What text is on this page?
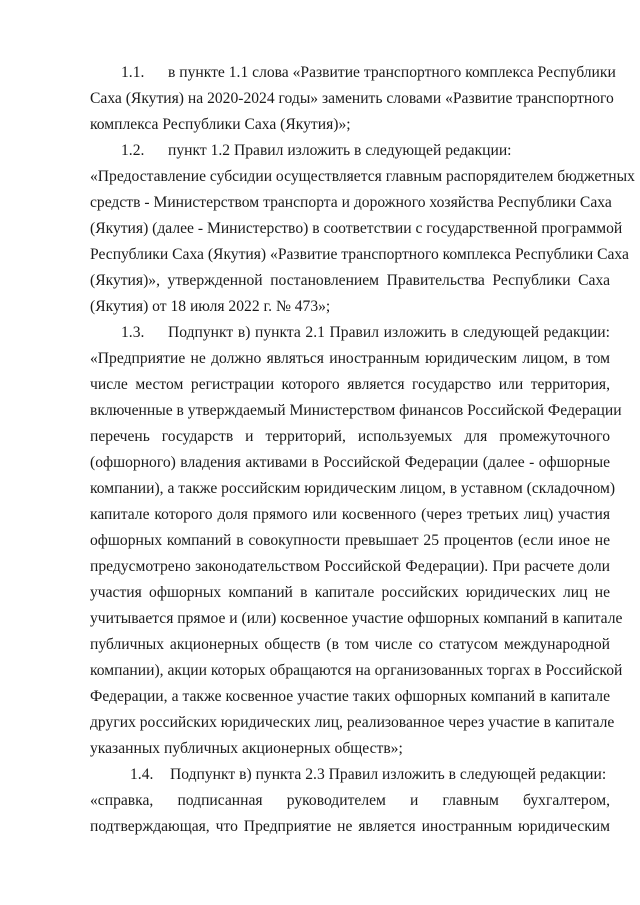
1.1. в пункте 1.1 слова «Развитие транспортного комплекса Республики
Саха (Якутия) на 2020-2024 годы» заменить словами «Развитие транспортного
комплекса Республики Саха (Якутия)»;
1.2. пункт 1.2 Правил изложить в следующей редакции:
«Предоставление субсидии осуществляется главным распорядителем бюджетных
средств - Министерством транспорта и дорожного хозяйства Республики Саха
(Якутия) (далее - Министерство) в соответствии с государственной программой
Республики Саха (Якутия) «Развитие транспортного комплекса Республики Саха
(Якутия)», утвержденной постановлением Правительства Республики Саха
(Якутия) от 18 июля 2022 г. № 473»;
1.3. Подпункт в) пункта 2.1 Правил изложить в следующей редакции:
«Предприятие не должно являться иностранным юридическим лицом, в том
числе местом регистрации которого является государство или территория,
включенные в утверждаемый Министерством финансов Российской Федерации
перечень государств и территорий, используемых для промежуточного
(офшорного) владения активами в Российской Федерации (далее - офшорные
компании), а также российским юридическим лицом, в уставном (складочном)
капитале которого доля прямого или косвенного (через третьих лиц) участия
офшорных компаний в совокупности превышает 25 процентов (если иное не
предусмотрено законодательством Российской Федерации). При расчете доли
участия офшорных компаний в капитале российских юридических лиц не
учитывается прямое и (или) косвенное участие офшорных компаний в капитале
публичных акционерных обществ (в том числе со статусом международной
компании), акции которых обращаются на организованных торгах в Российской
Федерации, а также косвенное участие таких офшорных компаний в капитале
других российских юридических лиц, реализованное через участие в капитале
указанных публичных акционерных обществ»;
1.4. Подпункт в) пункта 2.3 Правил изложить в следующей редакции:
«справка, подписанная руководителем и главным бухгалтером,
подтверждающая, что Предприятие не является иностранным юридическим
